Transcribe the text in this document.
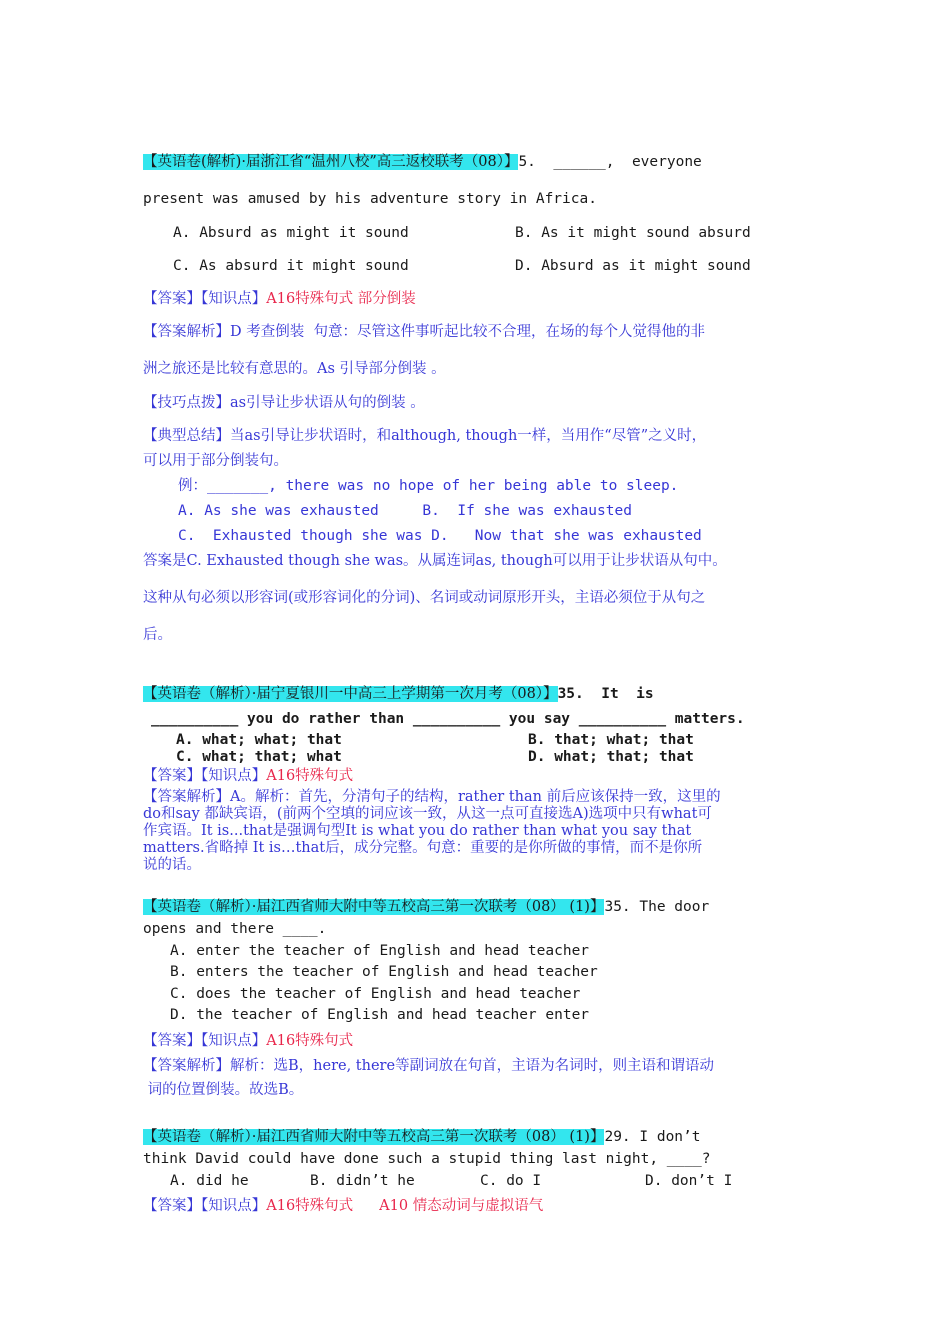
【英语卷(解析)·届浙江省“温州八校”高三返校联考（08）】5.  ______,  everyone
present was amused by his adventure story in Africa.
A. Absurd as might it sound	B. As it might sound absurd
C. As absurd it might sound	D. Absurd as it might sound
【答案】【知识点】A16特殊句式 部分倒装
【答案解析】D 考查倒装  句意：尽管这件事听起比较不合理，在场的每个人觉得他的非
洲之旅还是比较有意思的。As 引导部分倒装 。
【技巧点拨】as引导让步状语从句的倒装 。
【典型总结】当as引导让步状语时，和although, though一样，当用作“尽管”之义时，
可以用于部分倒装句。
例：_______, there was no hope of her being able to sleep.
A. As she was exhausted     B.  If she was exhausted
C.  Exhausted though she was D.   Now that she was exhausted
答案是C. Exhausted though she was。从属连词as, though可以用于让步状语从句中。
这种从句必须以形容词(或形容词化的分词)、名词或动词原形开头，主语必须位于从句之
后。
【英语卷（解析）·届宁夏银川一中高三上学期第一次月考（08）】35.  It  is
__________ you do rather than __________ you say __________ matters.
A. what; what; that	B. that; what; that
C. what; that; what	D. what; that; that
【答案】【知识点】A16特殊句式
【答案解析】A。解析：首先，分清句子的结构，rather than 前后应该保持一致，这里的
do和say 都缺宾语，(前两个空填的词应该一致，从这一点可直接选A)选项中只有what可
作宾语。It is...that是强调句型It is what you do rather than what you say that
matters.省略掉 It is…that后，成分完整。句意：重要的是你所做的事情，而不是你所
说的话。
【英语卷（解析）·届江西省师大附中等五校高三第一次联考（08） (1)】35. The door
opens and there ____.
A. enter the teacher of English and head teacher
B. enters the teacher of English and head teacher
C. does the teacher of English and head teacher
D. the teacher of English and head teacher enter
【答案】【知识点】A16特殊句式
【答案解析】解析：选B，here, there等副词放在句首，主语为名词时，则主语和谓语动
词的位置倒装。故选B。
【英语卷（解析）·届江西省师大附中等五校高三第一次联考（08） (1)】29. I don’t
think David could have done such a stupid thing last night, ____?
A. did he	B. didn’t he	C. do I	D. don’t I
【答案】【知识点】A16特殊句式 A10 情态动词与虚拟语气
